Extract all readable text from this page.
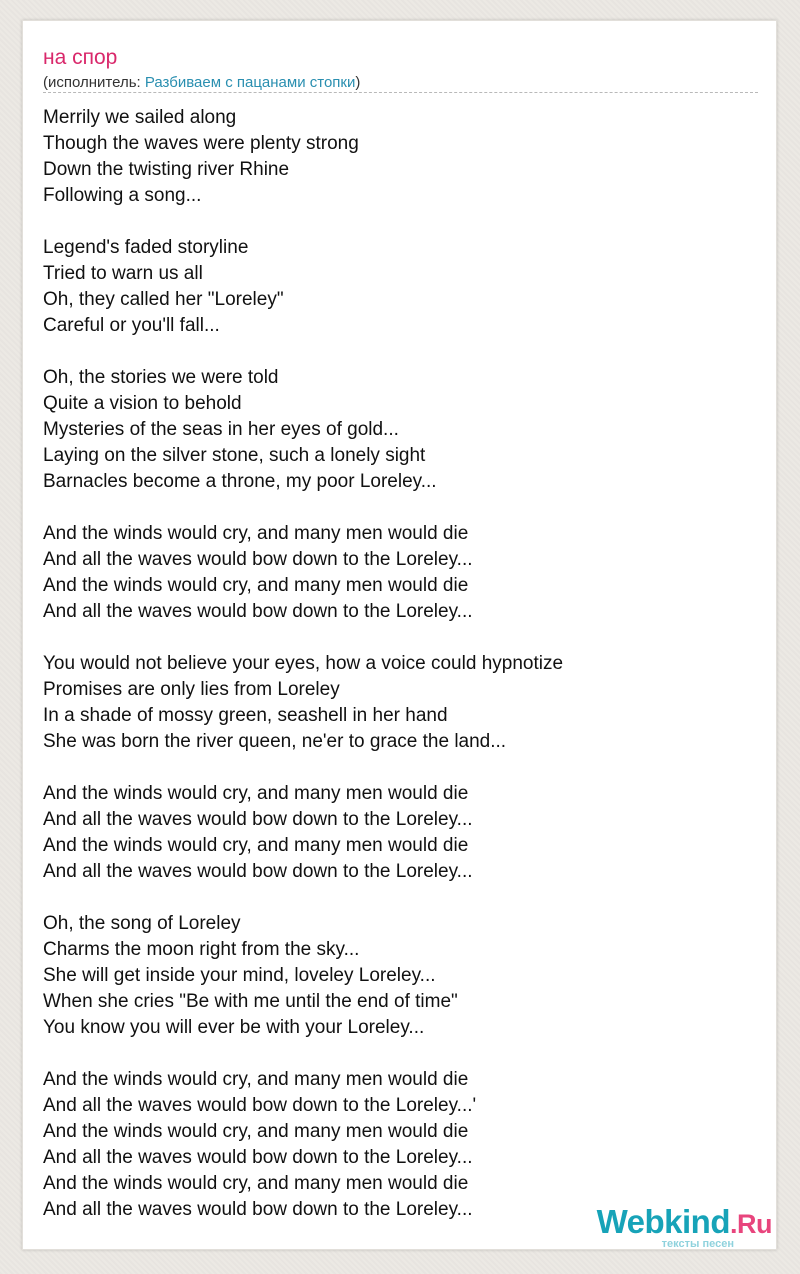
на спор
(исполнитель: Разбиваем с пацанами стопки)
Merrily we sailed along
Though the waves were plenty strong
Down the twisting river Rhine
Following a song...
Legend's faded storyline
Tried to warn us all
Oh, they called her "Loreley"
Careful or you'll fall...
Oh, the stories we were told
Quite a vision to behold
Mysteries of the seas in her eyes of gold...
Laying on the silver stone, such a lonely sight
Barnacles become a throne, my poor Loreley...
And the winds would cry, and many men would die
And all the waves would bow down to the Loreley...
And the winds would cry, and many men would die
And all the waves would bow down to the Loreley...
You would not believe your eyes, how a voice could hypnotize
Promises are only lies from Loreley
In a shade of mossy green, seashell in her hand
She was born the river queen, ne'er to grace the land...
And the winds would cry, and many men would die
And all the waves would bow down to the Loreley...
And the winds would cry, and many men would die
And all the waves would bow down to the Loreley...
Oh, the song of Loreley
Charms the moon right from the sky...
She will get inside your mind, loveley Loreley...
When she cries "Be with me until the end of time"
You know you will ever be with your Loreley...
And the winds would cry, and many men would die
And all the waves would bow down to the Loreley...'
And the winds would cry, and many men would die
And all the waves would bow down to the Loreley...
And the winds would cry, and many men would die
And all the waves would bow down to the Loreley...	Webkind.Ru
тексты песен
